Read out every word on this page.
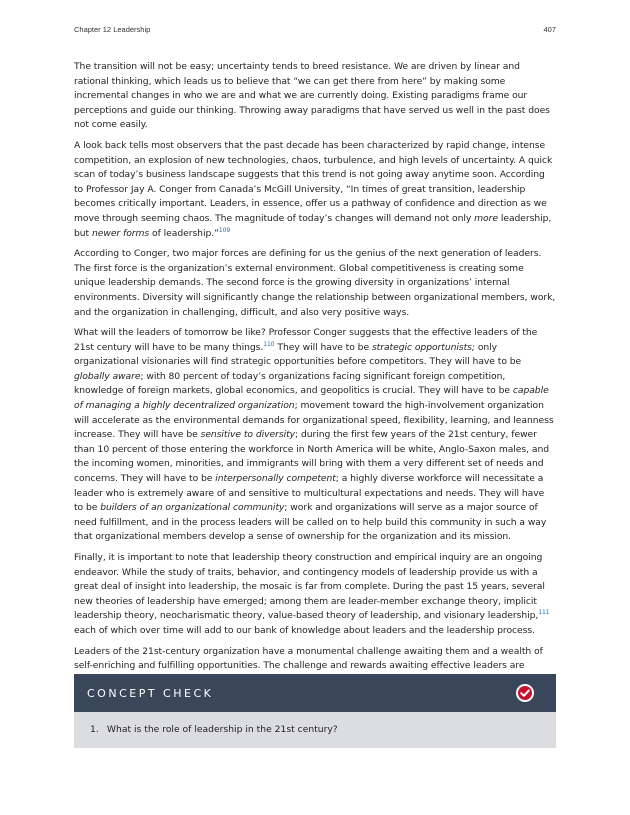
Chapter 12 Leadership	407

The transition will not be easy; uncertainty tends to breed resistance. We are driven by linear and rational thinking, which leads us to believe that “we can get there from here” by making some incremental changes in who we are and what we are currently doing. Existing paradigms frame our perceptions and guide our thinking. Throwing away paradigms that have served us well in the past does not come easily.

A look back tells most observers that the past decade has been characterized by rapid change, intense competition, an explosion of new technologies, chaos, turbulence, and high levels of uncertainty. A quick scan of today’s business landscape suggests that this trend is not going away anytime soon. According to Professor Jay A. Conger from Canada’s McGill University, “In times of great transition, leadership becomes critically important. Leaders, in essence, offer us a pathway of confidence and direction as we move through seeming chaos. The magnitude of today’s changes will demand not only more leadership, but newer forms of leadership.”$^{109}$

According to Conger, two major forces are defining for us the genius of the next generation of leaders. The first force is the organization’s external environment. Global competitiveness is creating some unique leadership demands. The second force is the growing diversity in organizations’ internal environments. Diversity will significantly change the relationship between organizational members, work, and the organization in challenging, difficult, and also very positive ways.

What will the leaders of tomorrow be like? Professor Conger suggests that the effective leaders of the 21st century will have to be many things.$^{110}$ They will have to be strategic opportunists; only organizational visionaries will find strategic opportunities before competitors. They will have to be globally aware; with 80 percent of today’s organizations facing significant foreign competition, knowledge of foreign markets, global economics, and geopolitics is crucial. They will have to be capable of managing a highly decentralized organization; movement toward the high-involvement organization will accelerate as the environmental demands for organizational speed, flexibility, learning, and leanness increase. They will have be sensitive to diversity; during the first few years of the 21st century, fewer than 10 percent of those entering the workforce in North America will be white, Anglo-Saxon males, and the incoming women, minorities, and immigrants will bring with them a very different set of needs and concerns. They will have to be interpersonally competent; a highly diverse workforce will necessitate a leader who is extremely aware of and sensitive to multicultural expectations and needs. They will have to be builders of an organizational community; work and organizations will serve as a major source of need fulfillment, and in the process leaders will be called on to help build this community in such a way that organizational members develop a sense of ownership for the organization and its mission.

Finally, it is important to note that leadership theory construction and empirical inquiry are an ongoing endeavor. While the study of traits, behavior, and contingency models of leadership provide us with a great deal of insight into leadership, the mosaic is far from complete. During the past 15 years, several new theories of leadership have emerged; among them are leader-member exchange theory, implicit leadership theory, neocharismatic theory, value-based theory of leadership, and visionary leadership,$^{111}$ each of which over time will add to our bank of knowledge about leaders and the leadership process.

Leaders of the 21st-century organization have a monumental challenge awaiting them and a wealth of self-enriching and fulfilling opportunities. The challenge and rewards awaiting effective leaders are

CONCEPT CHECK
1. What is the role of leadership in the 21st century?
